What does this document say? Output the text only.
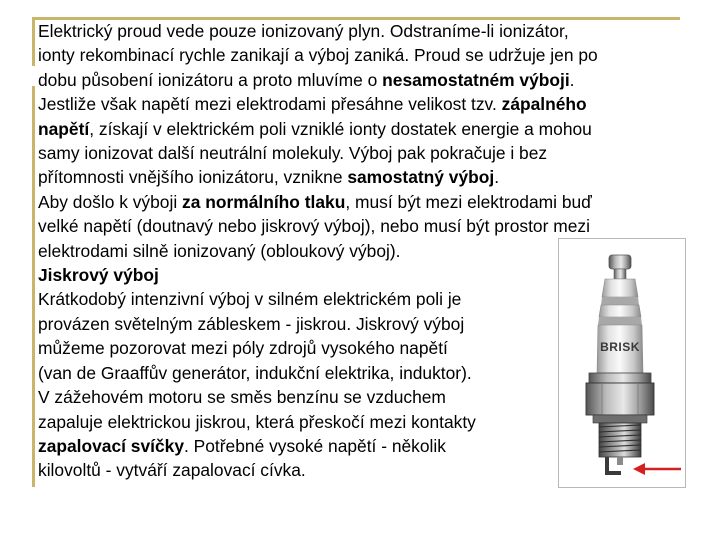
Elektrický proud vede pouze ionizovaný plyn. Odstraníme-li ionizátor,
ionty rekombinací rychle zanikají a výboj zaniká. Proud se udržuje jen po
dobu působení ionizátoru a proto mluvíme o nesamostatném výboji.
Jestliže však napětí mezi elektrodami přesáhne velikost tzv. zápalného
napětí, získají v elektrickém poli vzniklé ionty dostatek energie a mohou
samy ionizovat další neutrální molekuly. Výboj pak pokračuje i bez
přítomnosti vnějšího ionizátoru, vznikne samostatný výboj.
Aby došlo k výboji za normálního tlaku, musí být mezi elektrodami buď
velké napětí (doutnavý nebo jiskrový výboj), nebo musí být prostor mezi
elektrodami silně ionizovaný (obloukový výboj).
Jiskrový výboj
Krátkodobý intenzivní výboj v silném elektrickém poli je
provázen světelným zábleskem - jiskrou. Jiskrový výboj
můžeme pozorovat mezi póly zdrojů vysokého napětí
(van de Graaffův generátor, indukční elektrika, induktor).
V zážehovém motoru se směs benzínu se vzduchem
zapaluje elektrickou jiskrou, která přeskočí mezi kontakty
zapalovací svíčky. Potřebné vysoké napětí - několik
kilovoltů - vytváří zapalovací cívka.
BRISK
